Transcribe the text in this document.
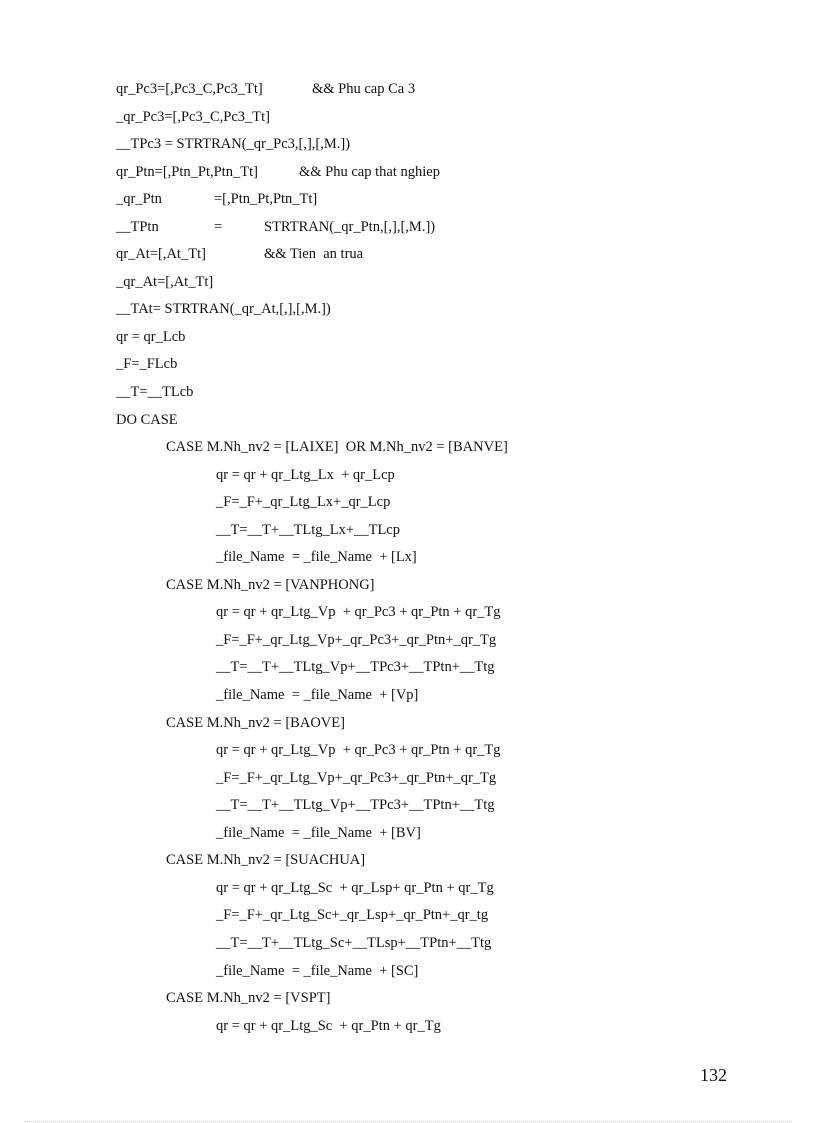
qr_Pc3=[,Pc3_C,Pc3_Tt]	&& Phu cap Ca 3
_qr_Pc3=[,Pc3_C,Pc3_Tt]
__TPc3 = STRTRAN(_qr_Pc3,[,],[,M.])
qr_Ptn=[,Ptn_Pt,Ptn_Tt]	&& Phu cap that nghiep
_qr_Ptn	=[,Ptn_Pt,Ptn_Tt]
__TPtn	=	STRTRAN(_qr_Ptn,[,],[,M.])
qr_At=[,At_Tt]	&& Tien  an trua
_qr_At=[,At_Tt]
__TAt= STRTRAN(_qr_At,[,],[,M.])
qr = qr_Lcb
_F=_FLcb
__T=__TLcb
DO CASE
CASE M.Nh_nv2 = [LAIXE]  OR M.Nh_nv2 = [BANVE]
qr = qr + qr_Ltg_Lx  + qr_Lcp
_F=_F+_qr_Ltg_Lx+_qr_Lcp
__T=__T+__TLtg_Lx+__TLcp
_file_Name  = _file_Name  + [Lx]
CASE M.Nh_nv2 = [VANPHONG]
qr = qr + qr_Ltg_Vp  + qr_Pc3 + qr_Ptn + qr_Tg
_F=_F+_qr_Ltg_Vp+_qr_Pc3+_qr_Ptn+_qr_Tg
__T=__T+__TLtg_Vp+__TPc3+__TPtn+__Ttg
_file_Name  = _file_Name  + [Vp]
CASE M.Nh_nv2 = [BAOVE]
qr = qr + qr_Ltg_Vp  + qr_Pc3 + qr_Ptn + qr_Tg
_F=_F+_qr_Ltg_Vp+_qr_Pc3+_qr_Ptn+_qr_Tg
__T=__T+__TLtg_Vp+__TPc3+__TPtn+__Ttg
_file_Name  = _file_Name  + [BV]
CASE M.Nh_nv2 = [SUACHUA]
qr = qr + qr_Ltg_Sc  + qr_Lsp+ qr_Ptn + qr_Tg
_F=_F+_qr_Ltg_Sc+_qr_Lsp+_qr_Ptn+_qr_tg
__T=__T+__TLtg_Sc+__TLsp+__TPtn+__Ttg
_file_Name  = _file_Name  + [SC]
CASE M.Nh_nv2 = [VSPT]
qr = qr + qr_Ltg_Sc  + qr_Ptn + qr_Tg
132
